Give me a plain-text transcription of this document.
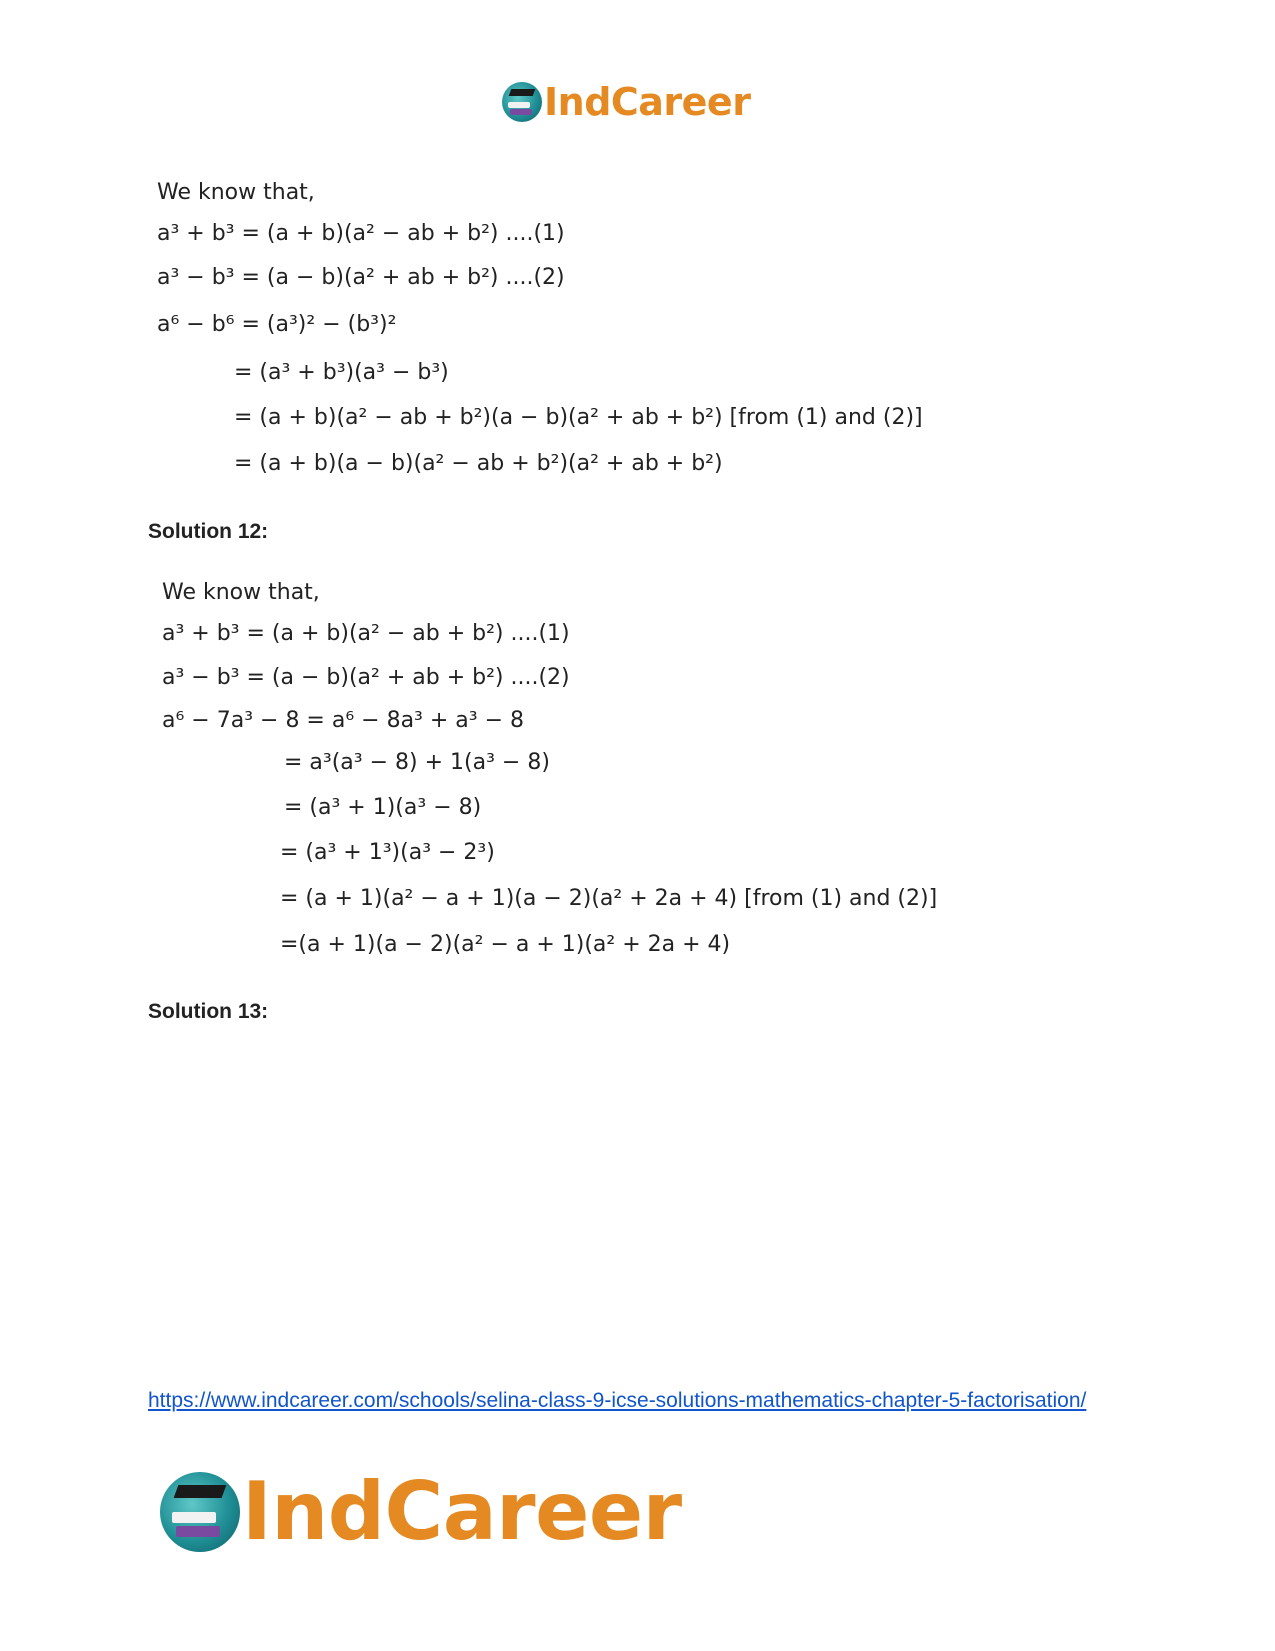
IndCareer
We know that,
a³ + b³ = (a + b)(a² − ab + b²) ....(1)
a³ − b³ = (a − b)(a² + ab + b²) ....(2)
a⁶ − b⁶ = (a³)² − (b³)²
= (a³ + b³)(a³ − b³)
= (a + b)(a² − ab + b²)(a − b)(a² + ab + b²) [from (1) and (2)]
= (a + b)(a − b)(a² − ab + b²)(a² + ab + b²)
Solution 12:
We know that,
a³ + b³ = (a + b)(a² − ab + b²) ....(1)
a³ − b³ = (a − b)(a² + ab + b²) ....(2)
a⁶ − 7a³ − 8 = a⁶ − 8a³ + a³ − 8
= a³(a³ − 8) + 1(a³ − 8)
= (a³ + 1)(a³ − 8)
= (a³ + 1³)(a³ − 2³)
= (a + 1)(a² − a + 1)(a − 2)(a² + 2a + 4) [from (1) and (2)]
=(a + 1)(a − 2)(a² − a + 1)(a² + 2a + 4)
Solution 13:
https://www.indcareer.com/schools/selina-class-9-icse-solutions-mathematics-chapter-5-factorisation/
IndCareer
